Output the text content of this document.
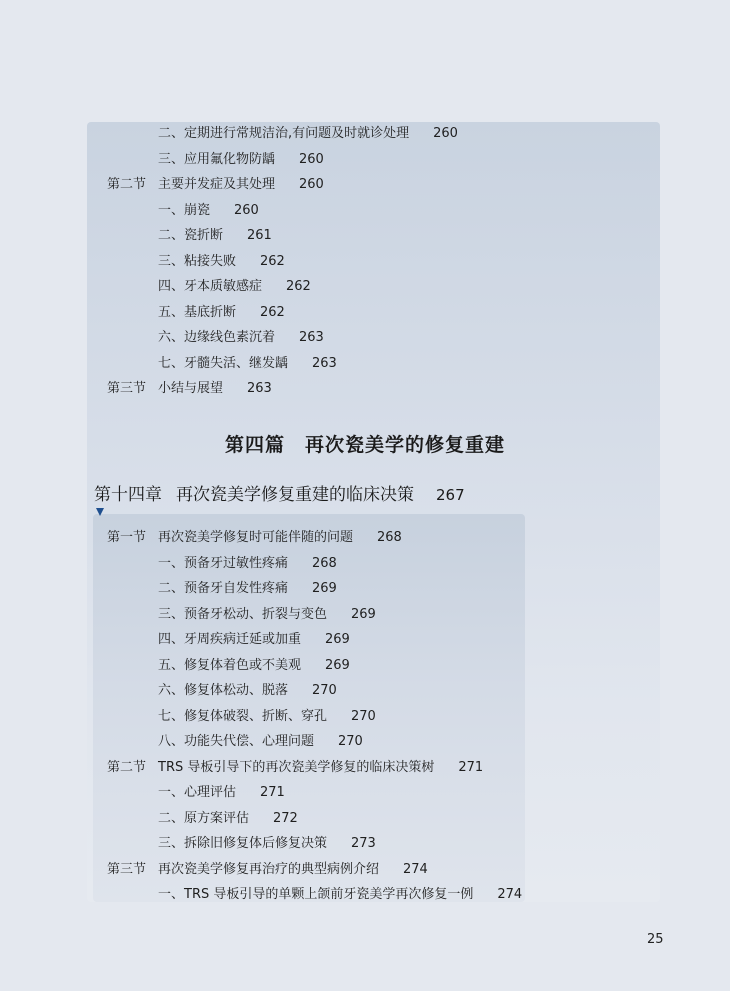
二、定期进行常规洁治,有问题及时就诊处理 260
三、应用氟化物防龋 260
第二节 主要并发症及其处理 260
一、崩瓷 260
二、瓷折断 261
三、粘接失败 262
四、牙本质敏感症 262
五、基底折断 262
六、边缘线色素沉着 263
七、牙髓失活、继发龋 263
第三节 小结与展望 263
第四篇 再次瓷美学的修复重建
第十四章 再次瓷美学修复重建的临床决策 267
第一节 再次瓷美学修复时可能伴随的问题 268
一、预备牙过敏性疼痛 268
二、预备牙自发性疼痛 269
三、预备牙松动、折裂与变色 269
四、牙周疾病迁延或加重 269
五、修复体着色或不美观 269
六、修复体松动、脱落 270
七、修复体破裂、折断、穿孔 270
八、功能失代偿、心理问题 270
第二节 TRS 导板引导下的再次瓷美学修复的临床决策树 271
一、心理评估 271
二、原方案评估 272
三、拆除旧修复体后修复决策 273
第三节 再次瓷美学修复再治疗的典型病例介绍 274
一、TRS 导板引导的单颗上颌前牙瓷美学再次修复一例 274
25
